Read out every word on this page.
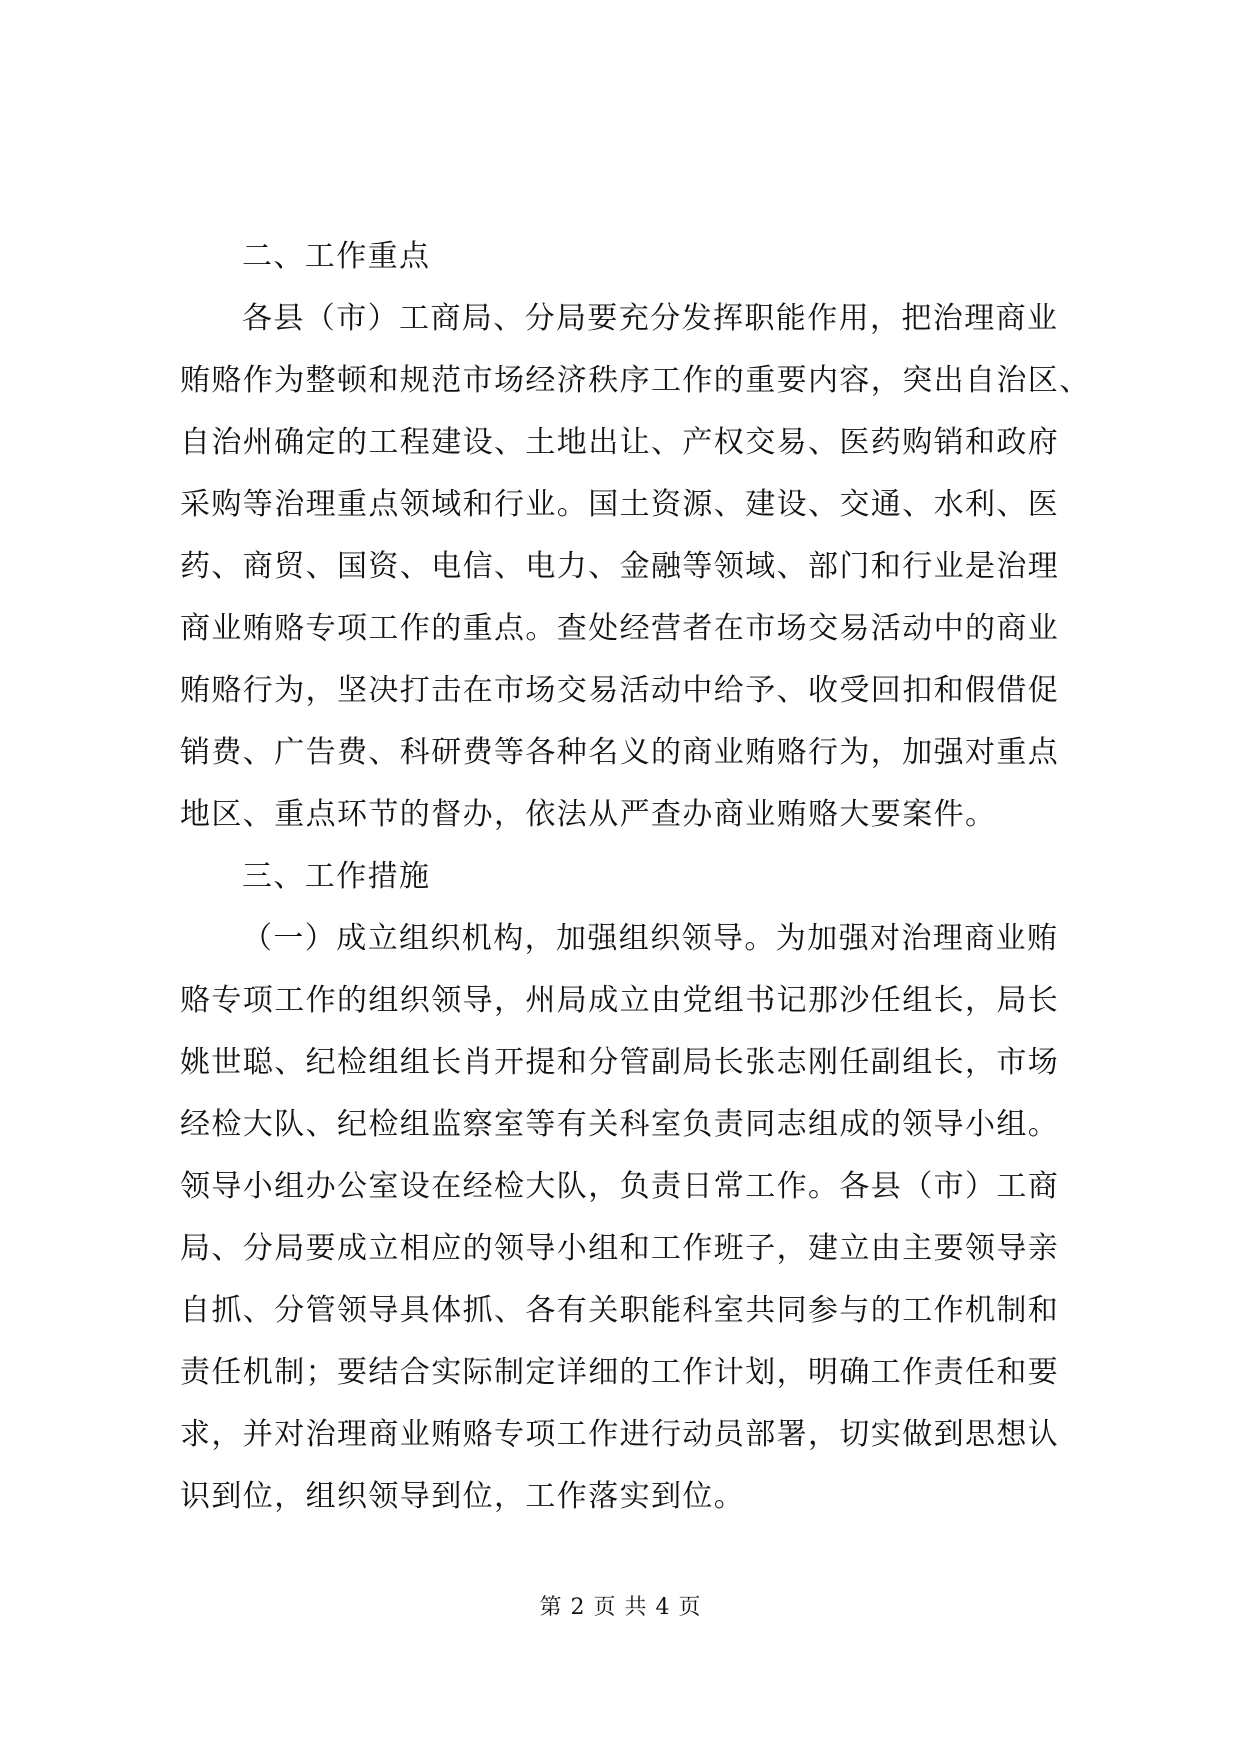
二、工作重点
各县（市）工商局、分局要充分发挥职能作用，把治理商业
贿赂作为整顿和规范市场经济秩序工作的重要内容，突出自治区、
自治州确定的工程建设、土地出让、产权交易、医药购销和政府
采购等治理重点领域和行业。国土资源、建设、交通、水利、医
药、商贸、国资、电信、电力、金融等领域、部门和行业是治理
商业贿赂专项工作的重点。查处经营者在市场交易活动中的商业
贿赂行为，坚决打击在市场交易活动中给予、收受回扣和假借促
销费、广告费、科研费等各种名义的商业贿赂行为，加强对重点
地区、重点环节的督办，依法从严查办商业贿赂大要案件。
三、工作措施
（一）成立组织机构，加强组织领导。为加强对治理商业贿
赂专项工作的组织领导，州局成立由党组书记那沙任组长，局长
姚世聪、纪检组组长肖开提和分管副局长张志刚任副组长，市场
经检大队、纪检组监察室等有关科室负责同志组成的领导小组。
领导小组办公室设在经检大队，负责日常工作。各县（市）工商
局、分局要成立相应的领导小组和工作班子，建立由主要领导亲
自抓、分管领导具体抓、各有关职能科室共同参与的工作机制和
责任机制；要结合实际制定详细的工作计划，明确工作责任和要
求，并对治理商业贿赂专项工作进行动员部署，切实做到思想认
识到位，组织领导到位，工作落实到位。
第 2 页 共 4 页
